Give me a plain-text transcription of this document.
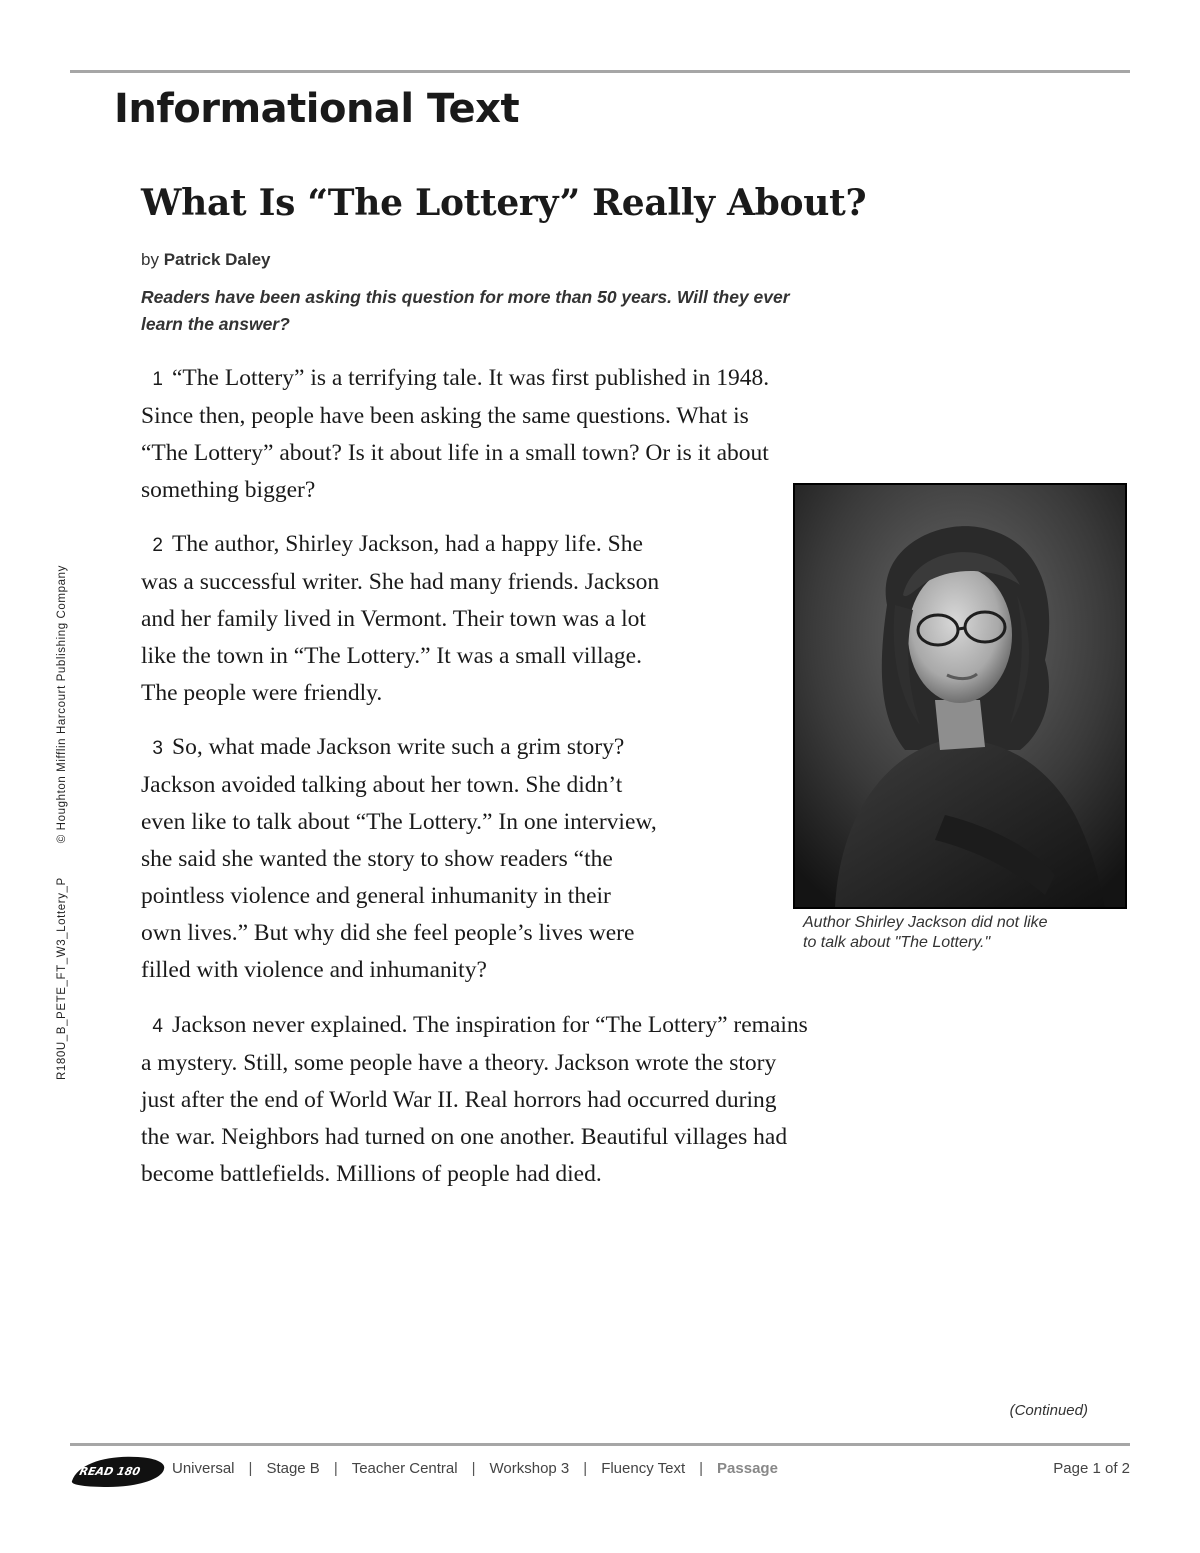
Informational Text
What Is “The Lottery” Really About?
by Patrick Daley
Readers have been asking this question for more than 50 years. Will they ever
learn the answer?
1 “The Lottery” is a terrifying tale. It was first published in 1948.
Since then, people have been asking the same questions. What is
“The Lottery” about? Is it about life in a small town? Or is it about
something bigger?
2 The author, Shirley Jackson, had a happy life. She
was a successful writer. She had many friends. Jackson
and her family lived in Vermont. Their town was a lot
like the town in “The Lottery.” It was a small village.
The people were friendly.
3 So, what made Jackson write such a grim story?
Jackson avoided talking about her town. She didn’t
even like to talk about “The Lottery.” In one interview,
she said she wanted the story to show readers “the
pointless violence and general inhumanity in their
own lives.” But why did she feel people’s lives were
filled with violence and inhumanity?
4 Jackson never explained. The inspiration for “The Lottery” remains
a mystery. Still, some people have a theory. Jackson wrote the story
just after the end of World War II. Real horrors had occurred during
the war. Neighbors had turned on one another. Beautiful villages had
become battlefields. Millions of people had died.
Author Shirley Jackson did not like
to talk about "The Lottery."
R180U_B_PETE_FT_W3_Lottery_P© Houghton Mifflin Harcourt Publishing Company
(Continued)
READ 180 Universal | Stage B | Teacher Central | Workshop 3 | Fluency Text | Passage	Page 1 of 2
